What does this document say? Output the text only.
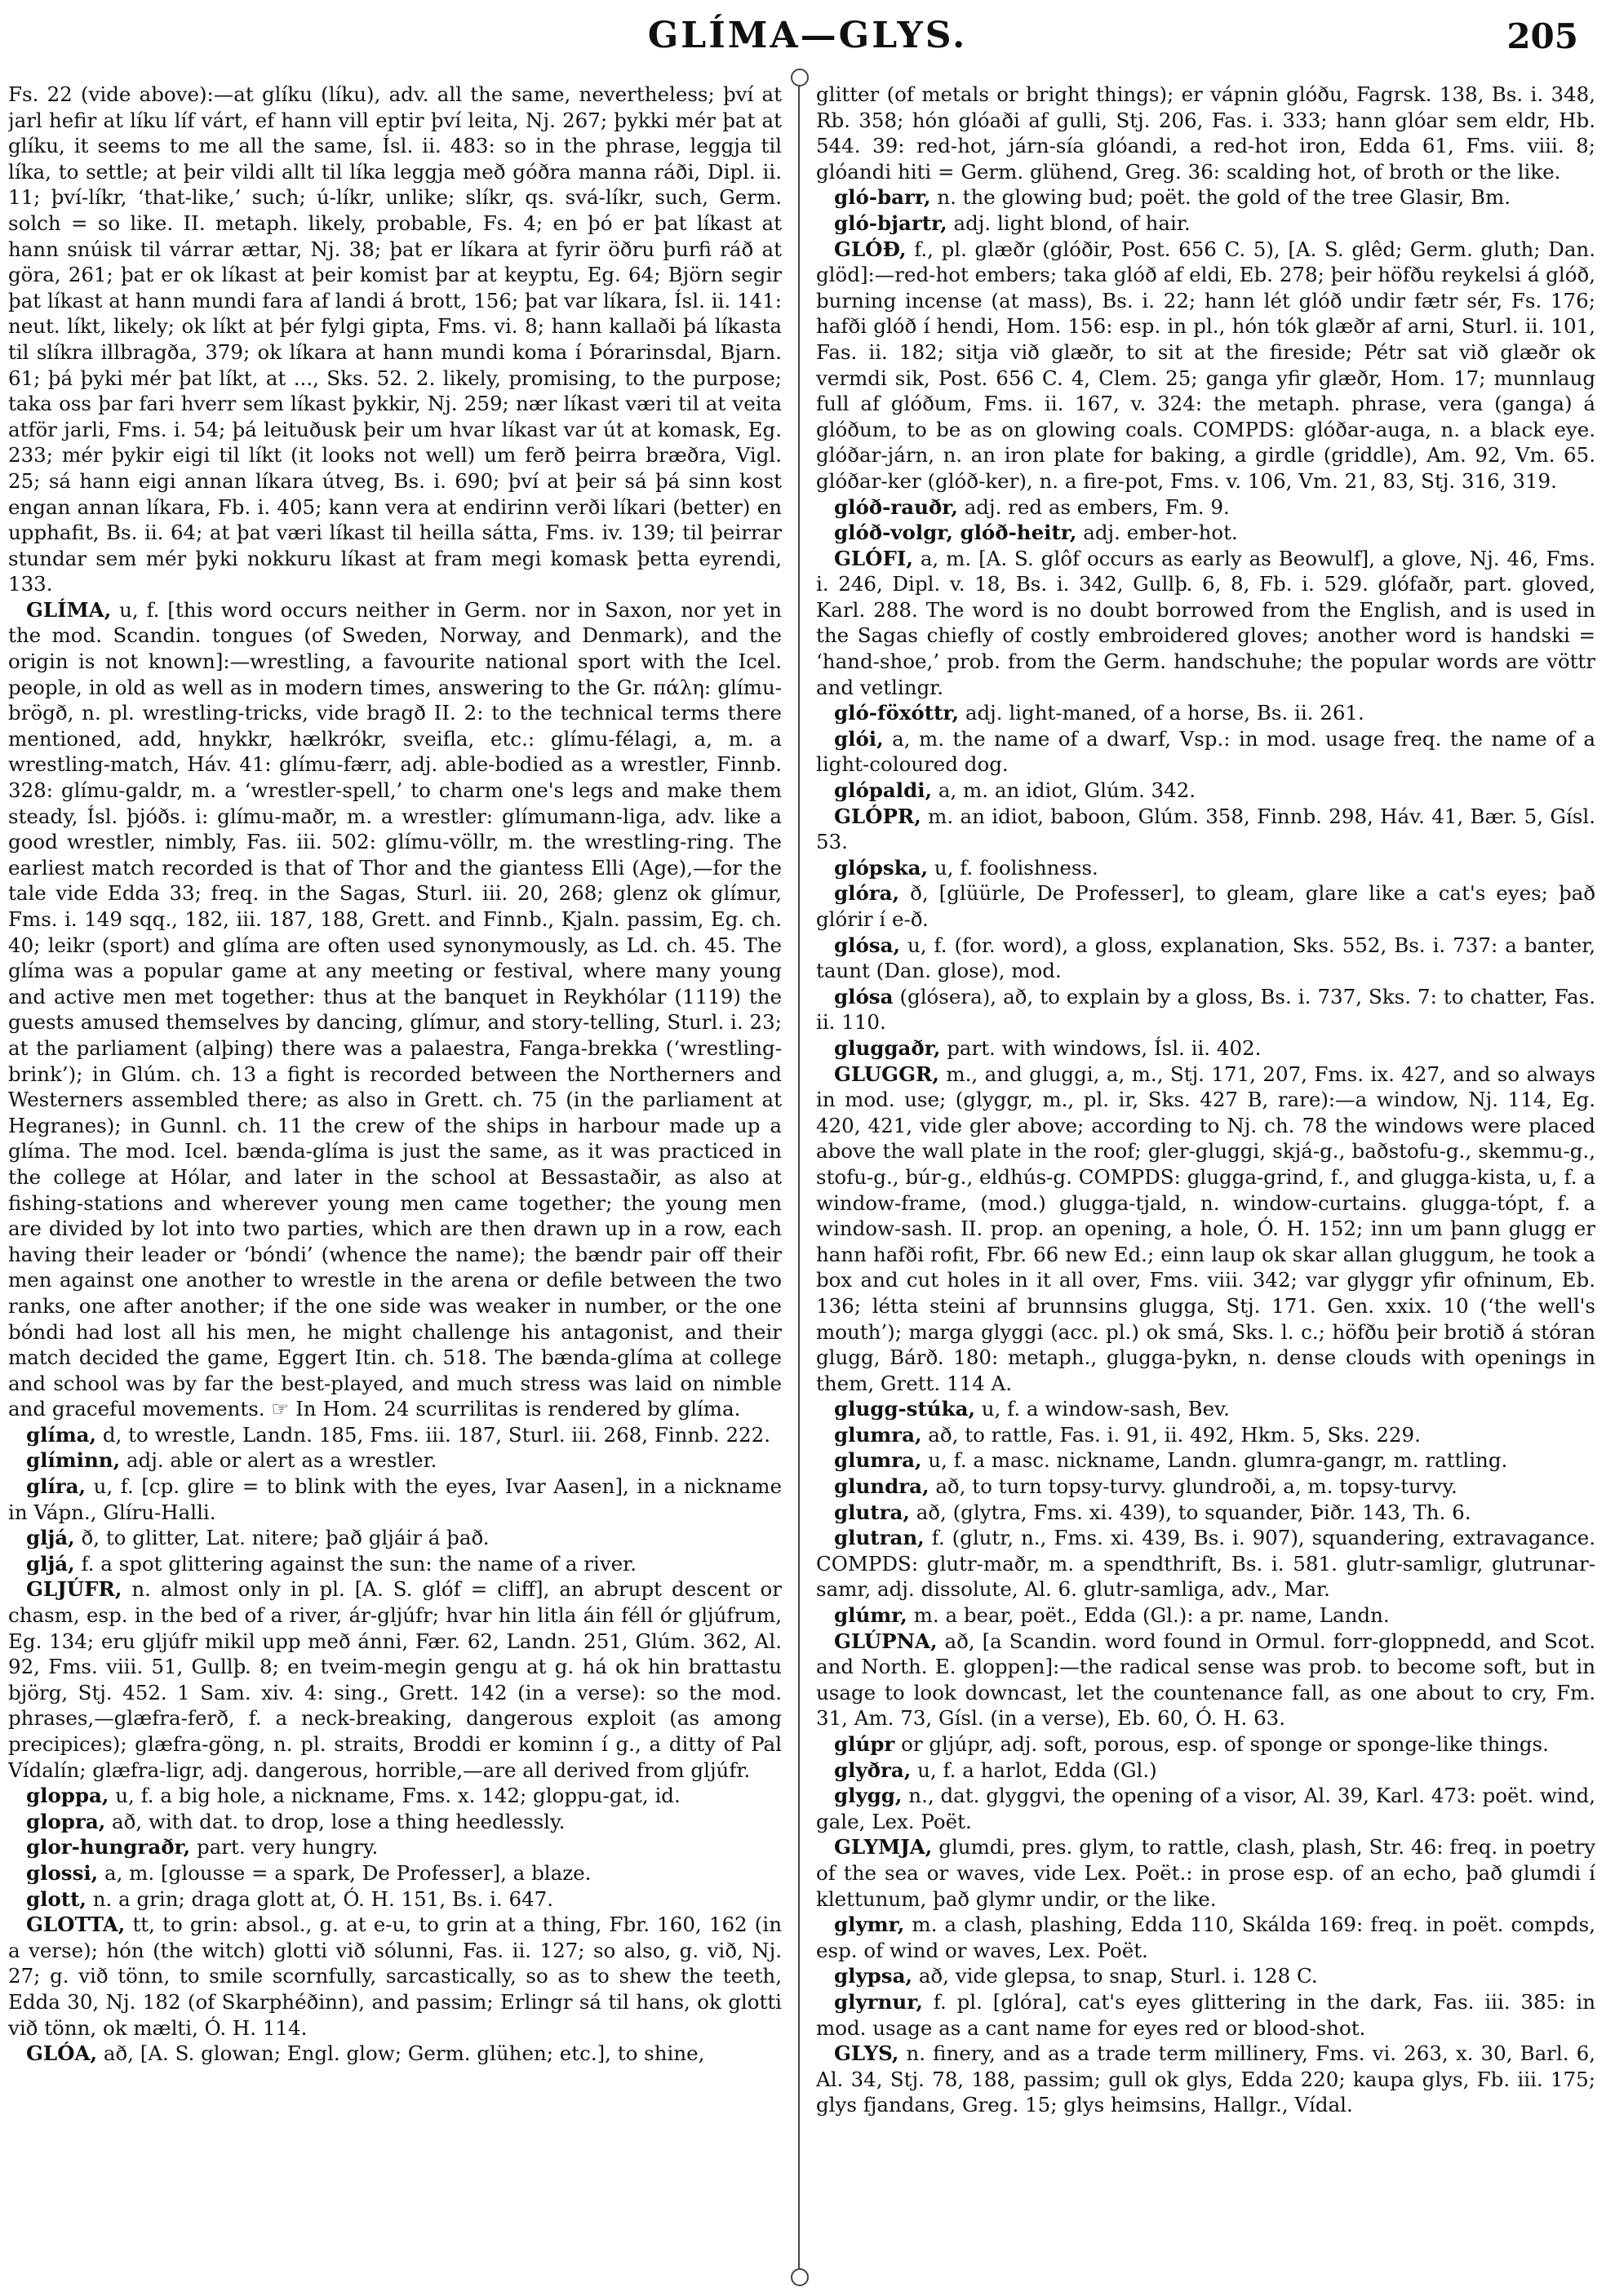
GLÍMA—GLYS.	205

Fs. 22 (vide above):—at glíku (líku), adv. all the same, nevertheless; því at jarl hefir at líku líf várt, ef hann vill eptir því leita, Nj. 267; þykki mér þat at glíku, it seems to me all the same, Ísl. ii. 483: so in the phrase, leggja til líka, to settle; at þeir vildi allt til líka leggja með góðra manna ráði, Dipl. ii. 11; því-líkr, ‘that-like,’ such; ú-líkr, unlike; slíkr, qs. svá-líkr, such, Germ. solch = so like. II. metaph. likely, probable, Fs. 4; en þó er þat líkast at hann snúisk til várrar ættar, Nj. 38; þat er líkara at fyrir öðru þurfi ráð at göra, 261; þat er ok líkast at þeir komist þar at keyptu, Eg. 64; Björn segir þat líkast at hann mundi fara af landi á brott, 156; þat var líkara, Ísl. ii. 141: neut. líkt, likely; ok líkt at þér fylgi gipta, Fms. vi. 8; hann kallaði þá líkasta til slíkra illbragða, 379; ok líkara at hann mundi koma í Þórarinsdal, Bjarn. 61; þá þyki mér þat líkt, at ..., Sks. 52. 2. likely, promising, to the purpose; taka oss þar fari hverr sem líkast þykkir, Nj. 259; nær líkast væri til at veita atför jarli, Fms. i. 54; þá leituðusk þeir um hvar líkast var út at komask, Eg. 233; mér þykir eigi til líkt (it looks not well) um ferð þeirra bræðra, Vigl. 25; sá hann eigi annan líkara útveg, Bs. i. 690; því at þeir sá þá sinn kost engan annan líkara, Fb. i. 405; kann vera at endirinn verði líkari (better) en upphafit, Bs. ii. 64; at þat væri líkast til heilla sátta, Fms. iv. 139; til þeirrar stundar sem mér þyki nokkuru líkast at fram megi komask þetta eyrendi, 133.

GLÍMA, u, f. [this word occurs neither in Germ. nor in Saxon, nor yet in the mod. Scandin. tongues (of Sweden, Norway, and Denmark), and the origin is not known]:—wrestling, a favourite national sport with the Icel. people, in old as well as in modern times, answering to the Gr. πάλη: glímu-brögð, n. pl. wrestling-tricks, vide bragð II. 2: to the technical terms there mentioned, add, hnykkr, hælkrókr, sveifla, etc.: glímu-félagi, a, m. a wrestling-match, Háv. 41: glímu-færr, adj. able-bodied as a wrestler, Finnb. 328: glímu-galdr, m. a ‘wrestler-spell,’ to charm one's legs and make them steady, Ísl. þjóðs. i: glímu-maðr, m. a wrestler: glímumann-liga, adv. like a good wrestler, nimbly, Fas. iii. 502: glímu-völlr, m. the wrestling-ring. The earliest match recorded is that of Thor and the giantess Elli (Age),—for the tale vide Edda 33; freq. in the Sagas, Sturl. iii. 20, 268; glenz ok glímur, Fms. i. 149 sqq., 182, iii. 187, 188, Grett. and Finnb., Kjaln. passim, Eg. ch. 40; leikr (sport) and glíma are often used synonymously, as Ld. ch. 45. The glíma was a popular game at any meeting or festival, where many young and active men met together: thus at the banquet in Reykhólar (1119) the guests amused themselves by dancing, glímur, and story-telling, Sturl. i. 23; at the parliament (alþing) there was a palaestra, Fanga-brekka (‘wrestling-brink’); in Glúm. ch. 13 a fight is recorded between the Northerners and Westerners assembled there; as also in Grett. ch. 75 (in the parliament at Hegranes); in Gunnl. ch. 11 the crew of the ships in harbour made up a glíma. The mod. Icel. bænda-glíma is just the same, as it was practiced in the college at Hólar, and later in the school at Bessastaðir, as also at fishing-stations and wherever young men came together; the young men are divided by lot into two parties, which are then drawn up in a row, each having their leader or ‘bóndi’ (whence the name); the bændr pair off their men against one another to wrestle in the arena or defile between the two ranks, one after another; if the one side was weaker in number, or the one bóndi had lost all his men, he might challenge his antagonist, and their match decided the game, Eggert Itin. ch. 518. The bænda-glíma at college and school was by far the best-played, and much stress was laid on nimble and graceful movements. ☞ In Hom. 24 scurrilitas is rendered by glíma.

glíma, d, to wrestle, Landn. 185, Fms. iii. 187, Sturl. iii. 268, Finnb. 222.

glíminn, adj. able or alert as a wrestler.

glíra, u, f. [cp. glire = to blink with the eyes, Ivar Aasen], in a nickname in Vápn., Glíru-Halli.

gljá, ð, to glitter, Lat. nitere; það gljáir á það.

gljá, f. a spot glittering against the sun: the name of a river.

GLJÚFR, n. almost only in pl. [A. S. glóf = cliff], an abrupt descent or chasm, esp. in the bed of a river, ár-gljúfr; hvar hin litla áin féll ór gljúfrum, Eg. 134; eru gljúfr mikil upp með ánni, Fær. 62, Landn. 251, Glúm. 362, Al. 92, Fms. viii. 51, Gullþ. 8; en tveim-megin gengu at g. há ok hin brattastu björg, Stj. 452. 1 Sam. xiv. 4: sing., Grett. 142 (in a verse): so the mod. phrases,—glæfra-ferð, f. a neck-breaking, dangerous exploit (as among precipices); glæfra-göng, n. pl. straits, Broddi er kominn í g., a ditty of Pal Vídalín; glæfra-ligr, adj. dangerous, horrible,—are all derived from gljúfr.

gloppa, u, f. a big hole, a nickname, Fms. x. 142; gloppu-gat, id.

glopra, að, with dat. to drop, lose a thing heedlessly.

glor-hungraðr, part. very hungry.

glossi, a, m. [glousse = a spark, De Professer], a blaze.

glott, n. a grin; draga glott at, Ó. H. 151, Bs. i. 647.

GLOTTA, tt, to grin: absol., g. at e-u, to grin at a thing, Fbr. 160, 162 (in a verse); hón (the witch) glotti við sólunni, Fas. ii. 127; so also, g. við, Nj. 27; g. við tönn, to smile scornfully, sarcastically, so as to shew the teeth, Edda 30, Nj. 182 (of Skarphéðinn), and passim; Erlingr sá til hans, ok glotti við tönn, ok mælti, Ó. H. 114.

GLÓA, að, [A. S. glowan; Engl. glow; Germ. glühen; etc.], to shine,

glitter (of metals or bright things); er vápnin glóðu, Fagrsk. 138, Bs. i. 348, Rb. 358; hón glóaði af gulli, Stj. 206, Fas. i. 333; hann glóar sem eldr, Hb. 544. 39: red-hot, járn-sía glóandi, a red-hot iron, Edda 61, Fms. viii. 8; glóandi hiti = Germ. glühend, Greg. 36: scalding hot, of broth or the like.

gló-barr, n. the glowing bud; poët. the gold of the tree Glasir, Bm.

gló-bjartr, adj. light blond, of hair.

GLÓÐ, f., pl. glæðr (glóðir, Post. 656 C. 5), [A. S. glêd; Germ. gluth; Dan. glöd]:—red-hot embers; taka glóð af eldi, Eb. 278; þeir höfðu reykelsi á glóð, burning incense (at mass), Bs. i. 22; hann lét glóð undir fætr sér, Fs. 176; hafði glóð í hendi, Hom. 156: esp. in pl., hón tók glæðr af arni, Sturl. ii. 101, Fas. ii. 182; sitja við glæðr, to sit at the fireside; Pétr sat við glæðr ok vermdi sik, Post. 656 C. 4, Clem. 25; ganga yfir glæðr, Hom. 17; munnlaug full af glóðum, Fms. ii. 167, v. 324: the metaph. phrase, vera (ganga) á glóðum, to be as on glowing coals. COMPDS: glóðar-auga, n. a black eye. glóðar-járn, n. an iron plate for baking, a girdle (griddle), Am. 92, Vm. 65. glóðar-ker (glóð-ker), n. a fire-pot, Fms. v. 106, Vm. 21, 83, Stj. 316, 319.

glóð-rauðr, adj. red as embers, Fm. 9.

glóð-volgr, glóð-heitr, adj. ember-hot.

GLÓFI, a, m. [A. S. glôf occurs as early as Beowulf], a glove, Nj. 46, Fms. i. 246, Dipl. v. 18, Bs. i. 342, Gullþ. 6, 8, Fb. i. 529. glófaðr, part. gloved, Karl. 288. The word is no doubt borrowed from the English, and is used in the Sagas chiefly of costly embroidered gloves; another word is handski = ‘hand-shoe,’ prob. from the Germ. handschuhe; the popular words are vöttr and vetlingr.

gló-föxóttr, adj. light-maned, of a horse, Bs. ii. 261.

glói, a, m. the name of a dwarf, Vsp.: in mod. usage freq. the name of a light-coloured dog.

glópaldi, a, m. an idiot, Glúm. 342.

GLÓPR, m. an idiot, baboon, Glúm. 358, Finnb. 298, Háv. 41, Bær. 5, Gísl. 53.

glópska, u, f. foolishness.

glóra, ð, [glüürle, De Professer], to gleam, glare like a cat's eyes; það glórir í e-ð.

glósa, u, f. (for. word), a gloss, explanation, Sks. 552, Bs. i. 737: a banter, taunt (Dan. glose), mod.

glósa (glósera), að, to explain by a gloss, Bs. i. 737, Sks. 7: to chatter, Fas. ii. 110.

gluggaðr, part. with windows, Ísl. ii. 402.

GLUGGR, m., and gluggi, a, m., Stj. 171, 207, Fms. ix. 427, and so always in mod. use; (glyggr, m., pl. ir, Sks. 427 B, rare):—a window, Nj. 114, Eg. 420, 421, vide gler above; according to Nj. ch. 78 the windows were placed above the wall plate in the roof; gler-gluggi, skjá-g., baðstofu-g., skemmu-g., stofu-g., búr-g., eldhús-g. COMPDS: glugga-grind, f., and glugga-kista, u, f. a window-frame, (mod.) glugga-tjald, n. window-curtains. glugga-tópt, f. a window-sash. II. prop. an opening, a hole, Ó. H. 152; inn um þann glugg er hann hafði rofit, Fbr. 66 new Ed.; einn laup ok skar allan gluggum, he took a box and cut holes in it all over, Fms. viii. 342; var glyggr yfir ofninum, Eb. 136; létta steini af brunnsins glugga, Stj. 171. Gen. xxix. 10 (‘the well's mouth’); marga glyggi (acc. pl.) ok smá, Sks. l. c.; höfðu þeir brotið á stóran glugg, Bárð. 180: metaph., glugga-þykn, n. dense clouds with openings in them, Grett. 114 A.

glugg-stúka, u, f. a window-sash, Bev.

glumra, að, to rattle, Fas. i. 91, ii. 492, Hkm. 5, Sks. 229.

glumra, u, f. a masc. nickname, Landn. glumra-gangr, m. rattling.

glundra, að, to turn topsy-turvy. glundroði, a, m. topsy-turvy.

glutra, að, (glytra, Fms. xi. 439), to squander, Þiðr. 143, Th. 6.

glutran, f. (glutr, n., Fms. xi. 439, Bs. i. 907), squandering, extravagance. COMPDS: glutr-maðr, m. a spendthrift, Bs. i. 581. glutr-samligr, glutrunar-samr, adj. dissolute, Al. 6. glutr-samliga, adv., Mar.

glúmr, m. a bear, poët., Edda (Gl.): a pr. name, Landn.

GLÚPNA, að, [a Scandin. word found in Ormul. forr-gloppnedd, and Scot. and North. E. gloppen]:—the radical sense was prob. to become soft, but in usage to look downcast, let the countenance fall, as one about to cry, Fm. 31, Am. 73, Gísl. (in a verse), Eb. 60, Ó. H. 63.

glúpr or gljúpr, adj. soft, porous, esp. of sponge or sponge-like things.

glyðra, u, f. a harlot, Edda (Gl.)

glygg, n., dat. glyggvi, the opening of a visor, Al. 39, Karl. 473: poët. wind, gale, Lex. Poët.

GLYMJA, glumdi, pres. glym, to rattle, clash, plash, Str. 46: freq. in poetry of the sea or waves, vide Lex. Poët.: in prose esp. of an echo, það glumdi í klettunum, það glymr undir, or the like.

glymr, m. a clash, plashing, Edda 110, Skálda 169: freq. in poët. compds, esp. of wind or waves, Lex. Poët.

glypsa, að, vide glepsa, to snap, Sturl. i. 128 C.

glyrnur, f. pl. [glóra], cat's eyes glittering in the dark, Fas. iii. 385: in mod. usage as a cant name for eyes red or blood-shot.

GLYS, n. finery, and as a trade term millinery, Fms. vi. 263, x. 30, Barl. 6, Al. 34, Stj. 78, 188, passim; gull ok glys, Edda 220; kaupa glys, Fb. iii. 175; glys fjandans, Greg. 15; glys heimsins, Hallgr., Vídal.
